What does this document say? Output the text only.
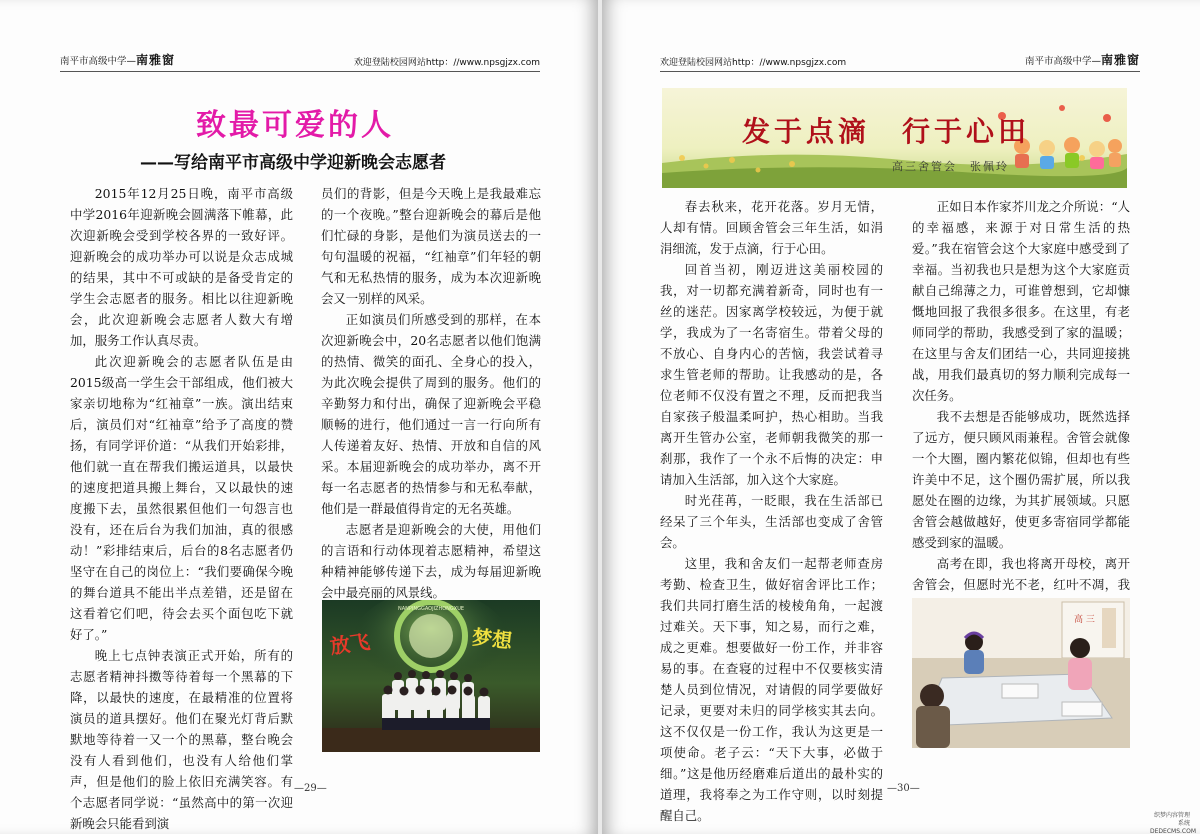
南平市高级中学—南雅窗	欢迎登陆校园网站http：//www.npsgjzx.com
致最可爱的人
——写给南平市高级中学迎新晚会志愿者

2015年12月25日晚，南平市高级中学2016年迎新晚会圆满落下帷幕，此次迎新晚会受到学校各界的一致好评。迎新晚会的成功举办可以说是众志成城的结果，其中不可或缺的是备受肯定的学生会志愿者的服务。相比以往迎新晚会，此次迎新晚会志愿者人数大有增加，服务工作认真尽责。

此次迎新晚会的志愿者队伍是由2015级高一学生会干部组成，他们被大家亲切地称为“红袖章”一族。演出结束后，演员们对“红袖章”给予了高度的赞扬，有同学评价道：“从我们开始彩排，他们就一直在帮我们搬运道具，以最快的速度把道具搬上舞台，又以最快的速度搬下去，虽然很累但他们一句怨言也没有，还在后台为我们加油，真的很感动！”彩排结束后，后台的8名志愿者仍坚守在自己的岗位上：“我们要确保今晚的舞台道具不能出半点差错，还是留在这看着它们吧，待会去买个面包吃下就好了。”

晚上七点钟表演正式开始，所有的志愿者精神抖擞等待着每一个黑幕的下降，以最快的速度，在最精准的位置将演员的道具摆好。他们在聚光灯背后默默地等待着一又一个的黑幕，整台晚会没有人看到他们，也没有人给他们掌声，但是他们的脸上依旧充满笑容。有个志愿者同学说：“虽然高中的第一次迎新晚会只能看到演

员们的背影，但是今天晚上是我最难忘的一个夜晚。”整台迎新晚会的幕后是他们忙碌的身影，是他们为演员送去的一句句温暖的祝福，“红袖章”们年轻的朝气和无私热情的服务，成为本次迎新晚会又一别样的风采。

正如演员们所感受到的那样，在本次迎新晚会中，20名志愿者以他们饱满的热情、微笑的面孔、全身心的投入，为此次晚会提供了周到的服务。他们的辛勤努力和付出，确保了迎新晚会平稳顺畅的进行，他们通过一言一行向所有人传递着友好、热情、开放和自信的风采。本届迎新晚会的成功举办，离不开每一名志愿者的热情参与和无私奉献，他们是一群最值得肯定的无名英雄。

志愿者是迎新晚会的大使，用他们的言语和行动体现着志愿精神，希望这种精神能够传递下去，成为每届迎新晚会中最亮丽的风景线。

NANPINGGAOJIZHONGXUE
放飞	梦想
—29—
欢迎登陆校园网站http：//www.npsgjzx.com	南平市高级中学—南雅窗
发于点滴　行于心田
高三舍管会　张佩玲

春去秋来，花开花落。岁月无情，人却有情。回顾舍管会三年生活，如涓涓细流，发于点滴，行于心田。

回首当初，刚迈进这美丽校园的我，对一切都充满着新奇，同时也有一丝的迷茫。因家离学校较远，为便于就学，我成为了一名寄宿生。带着父母的不放心、自身内心的苦恼，我尝试着寻求生管老师的帮助。让我感动的是，各位老师不仅没有置之不理，反而把我当自家孩子般温柔呵护，热心相助。当我离开生管办公室，老师朝我微笑的那一刹那，我作了一个永不后悔的决定：申请加入生活部，加入这个大家庭。

时光荏苒，一眨眼，我在生活部已经呆了三个年头，生活部也变成了舍管会。

这里，我和舍友们一起帮老师查房考勤、检查卫生，做好宿舍评比工作；我们共同打磨生活的棱棱角角，一起渡过难关。天下事，知之易，而行之难，成之更难。想要做好一份工作，并非容易的事。在查寝的过程中不仅要核实清楚人员到位情况，对请假的同学要做好记录，更要对未归的同学核实其去向。这不仅仅是一份工作，我认为这更是一项使命。老子云：“天下大事，必做于细。”这是他历经磨难后道出的最朴实的道理，我将奉之为工作守则，以时刻提醒自己。

正如日本作家芥川龙之介所说：“人的幸福感，来源于对日常生活的热爱。”我在宿管会这个大家庭中感受到了幸福。当初我也只是想为这个大家庭贡献自己绵薄之力，可谁曾想到，它却慷慨地回报了我很多很多。在这里，有老师同学的帮助，我感受到了家的温暖；在这里与舍友们团结一心，共同迎接挑战，用我们最真切的努力顺利完成每一次任务。

我不去想是否能够成功，既然选择了远方，便只顾风雨兼程。舍管会就像一个大圈，圈内繁花似锦，但却也有些许美中不足，这个圈仍需扩展，所以我愿处在圈的边缘，为其扩展领域。只愿舍管会越做越好，使更多寄宿同学都能感受到家的温暖。

高考在即，我也将离开母校，离开舍管会，但愿时光不老，红叶不凋，我

高 三
—30—
织梦内容管理系统
DEDECMS.COM
